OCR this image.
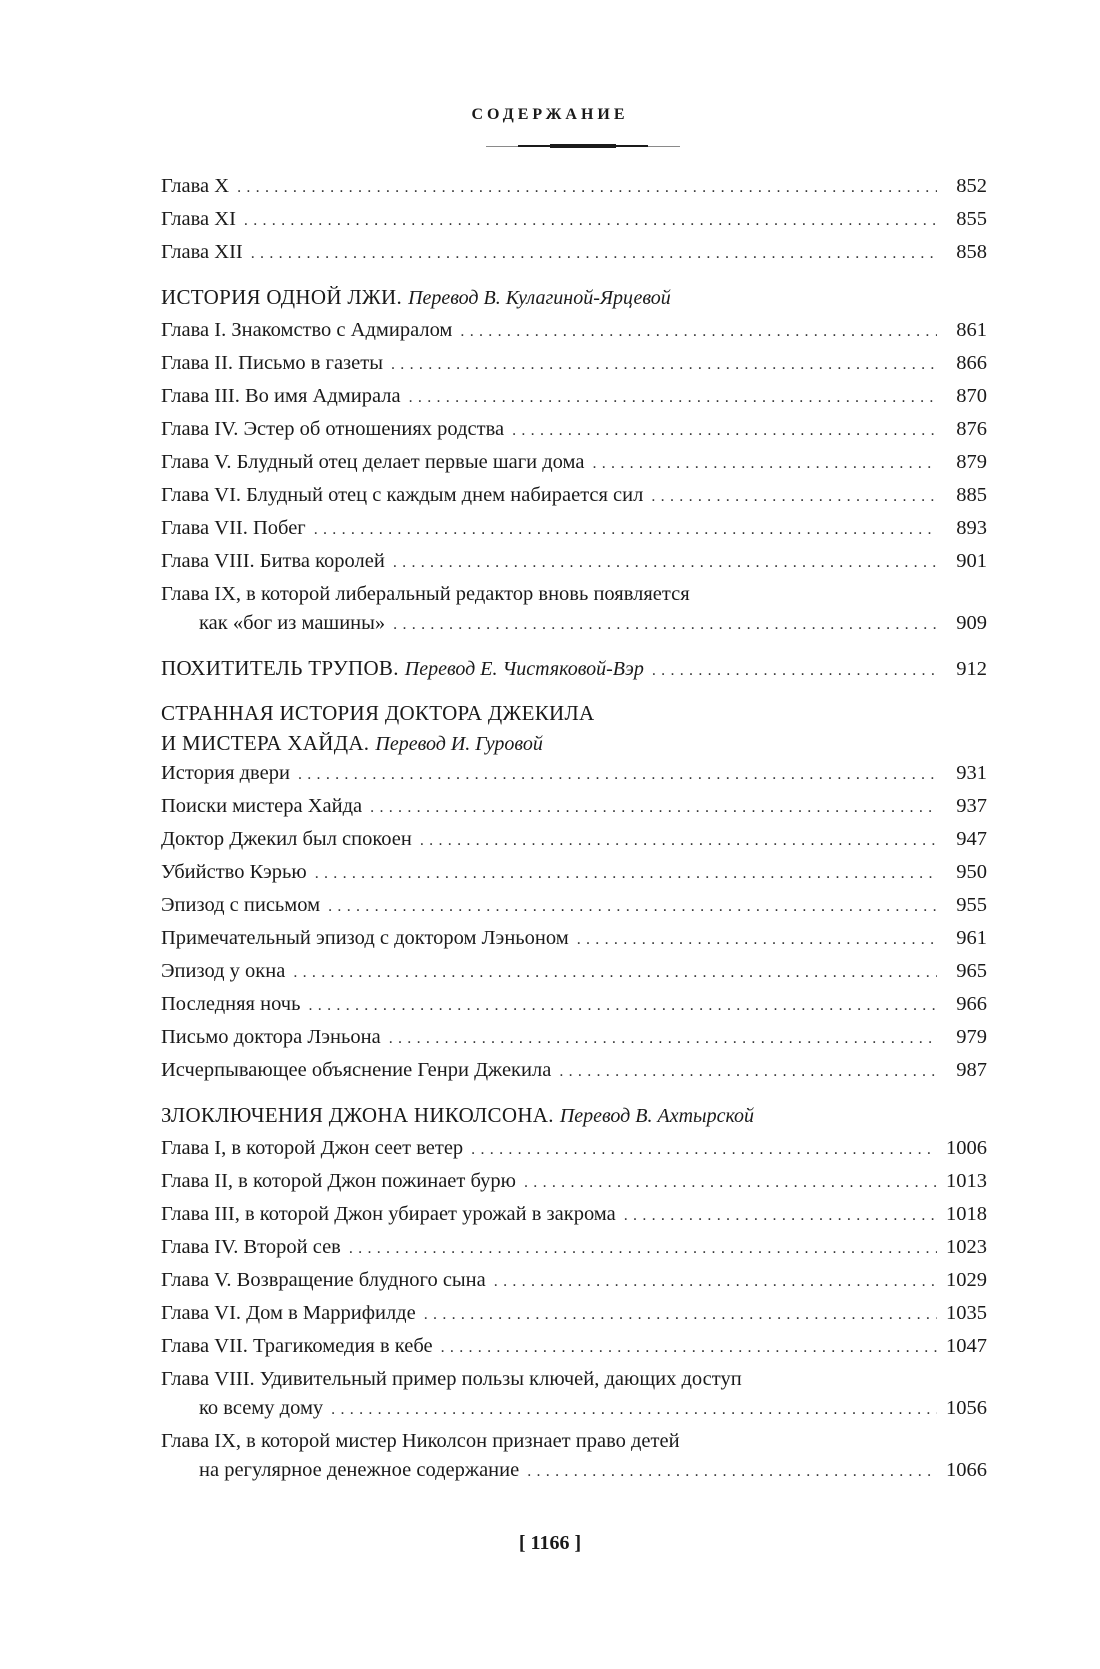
СОДЕРЖАНИЕ
Глава X . . .	852
Глава XI . . .	855
Глава XII . . .	858
ИСТОРИЯ ОДНОЙ ЛЖИ. Перевод В. Кулагиной-Ярцевой
Глава I. Знакомство с Адмиралом . . .	861
Глава II. Письмо в газеты . . .	866
Глава III. Во имя Адмирала . . .	870
Глава IV. Эстер об отношениях родства . . .	876
Глава V. Блудный отец делает первые шаги дома . . .	879
Глава VI. Блудный отец с каждым днем набирается сил . . .	885
Глава VII. Побег . . .	893
Глава VIII. Битва королей . . .	901
Глава IX, в которой либеральный редактор вновь появляется
как «бог из машины» . . .	909
ПОХИТИТЕЛЬ ТРУПОВ. Перевод Е. Чистяковой-Вэр . . .	912
СТРАННАЯ ИСТОРИЯ ДОКТОРА ДЖЕКИЛА
И МИСТЕРА ХАЙДА. Перевод И. Гуровой
История двери . . .	931
Поиски мистера Хайда . . .	937
Доктор Джекил был спокоен . . .	947
Убийство Кэрью . . .	950
Эпизод с письмом . . .	955
Примечательный эпизод с доктором Лэньоном . . .	961
Эпизод у окна . . .	965
Последняя ночь . . .	966
Письмо доктора Лэньона . . .	979
Исчерпывающее объяснение Генри Джекила . . .	987
ЗЛОКЛЮЧЕНИЯ ДЖОНА НИКОЛСОНА. Перевод В. Ахтырской
Глава I, в которой Джон сеет ветер . . .	1006
Глава II, в которой Джон пожинает бурю . . .	1013
Глава III, в которой Джон убирает урожай в закрома . . .	1018
Глава IV. Второй сев . . .	1023
Глава V. Возвращение блудного сына . . .	1029
Глава VI. Дом в Маррифилде . . .	1035
Глава VII. Трагикомедия в кебе . . .	1047
Глава VIII. Удивительный пример пользы ключей, дающих доступ
ко всему дому . . .	1056
Глава IX, в которой мистер Николсон признает право детей
на регулярное денежное содержание . . .	1066
[ 1166 ]
